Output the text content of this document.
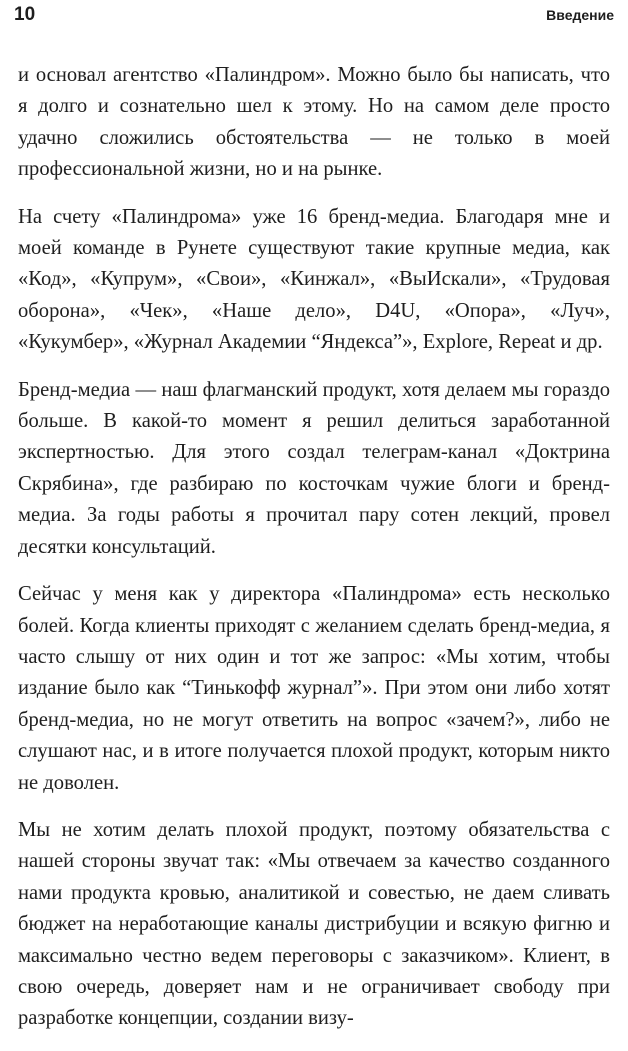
10	Введение

и основал агентство «Палиндром». Можно было бы написать, что я долго и сознательно шел к этому. Но на самом деле просто удачно сложились обстоятельства — не только в моей профессиональной жизни, но и на рынке.

На счету «Палиндрома» уже 16 бренд-медиа. Благодаря мне и моей команде в Рунете существуют такие крупные медиа, как «Код», «Купрум», «Свои», «Кинжал», «ВыИскали», «Трудовая оборона», «Чек», «Наше дело», D4U, «Опора», «Луч», «Кукумбер», «Журнал Академии “Яндекса”», Explore, Repeat и др.

Бренд-медиа — наш флагманский продукт, хотя делаем мы гораздо больше. В какой-то момент я решил делиться заработанной экспертностью. Для этого создал телеграм-канал «Доктрина Скрябина», где разбираю по косточкам чужие блоги и бренд-медиа. За годы работы я прочитал пару сотен лекций, провел десятки консультаций.

Сейчас у меня как у директора «Палиндрома» есть несколько болей. Когда клиенты приходят с желанием сделать бренд-медиа, я часто слышу от них один и тот же запрос: «Мы хотим, чтобы издание было как “Тинькофф журнал”». При этом они либо хотят бренд-медиа, но не могут ответить на вопрос «зачем?», либо не слушают нас, и в итоге получается плохой продукт, которым никто не доволен.

Мы не хотим делать плохой продукт, поэтому обязательства с нашей стороны звучат так: «Мы отвечаем за качество созданного нами продукта кровью, аналитикой и совестью, не даем сливать бюджет на неработающие каналы дистрибуции и всякую фигню и максимально честно ведем переговоры с заказчиком». Клиент, в свою очередь, доверяет нам и не ограничивает свободу при разработке концепции, создании визу-
